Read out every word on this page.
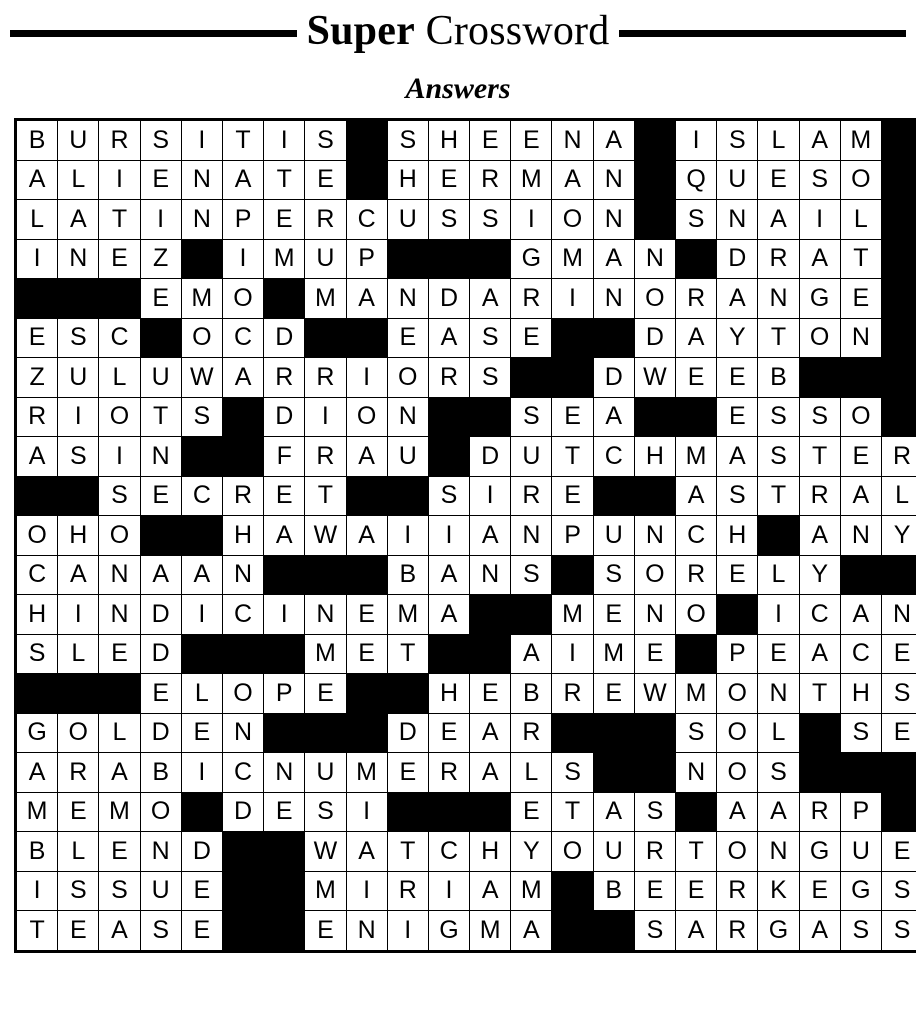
Super Crossword
Answers
B	U	R	S	I	T	I	S		S	H	E	E	N	A		I	S	L	A	M	
A	L	I	E	N	A	T	E		H	E	R	M	A	N		Q	U	E	S	O	
L	A	T	I	N	P	E	R	C	U	S	S	I	O	N		S	N	A	I	L	
I	N	E	Z		I	M	U	P				G	M	A	N		D	R	A	T	
			E	M	O		M	A	N	D	A	R	I	N	O	R	A	N	G	E	
E	S	C		O	C	D			E	A	S	E			D	A	Y	T	O	N	
Z	U	L	U	W	A	R	R	I	O	R	S			D	W	E	E	B			
R	I	O	T	S		D	I	O	N			S	E	A			E	S	S	O	
A	S	I	N			F	R	A	U		D	U	T	C	H	M	A	S	T	E	R
		S	E	C	R	E	T			S	I	R	E			A	S	T	R	A	L
O	H	O			H	A	W	A	I	I	A	N	P	U	N	C	H		A	N	Y
C	A	N	A	A	N				B	A	N	S		S	O	R	E	L	Y		
H	I	N	D	I	C	I	N	E	M	A			M	E	N	O		I	C	A	N
S	L	E	D				M	E	T			A	I	M	E		P	E	A	C	E
			E	L	O	P	E			H	E	B	R	E	W	M	O	N	T	H	S
G	O	L	D	E	N				D	E	A	R				S	O	L		S	E
A	R	A	B	I	C	N	U	M	E	R	A	L	S			N	O	S			
M	E	M	O		D	E	S	I				E	T	A	S		A	A	R	P	
B	L	E	N	D			W	A	T	C	H	Y	O	U	R	T	O	N	G	U	E
I	S	S	U	E			M	I	R	I	A	M		B	E	E	R	K	E	G	S
T	E	A	S	E			E	N	I	G	M	A			S	A	R	G	A	S	S
